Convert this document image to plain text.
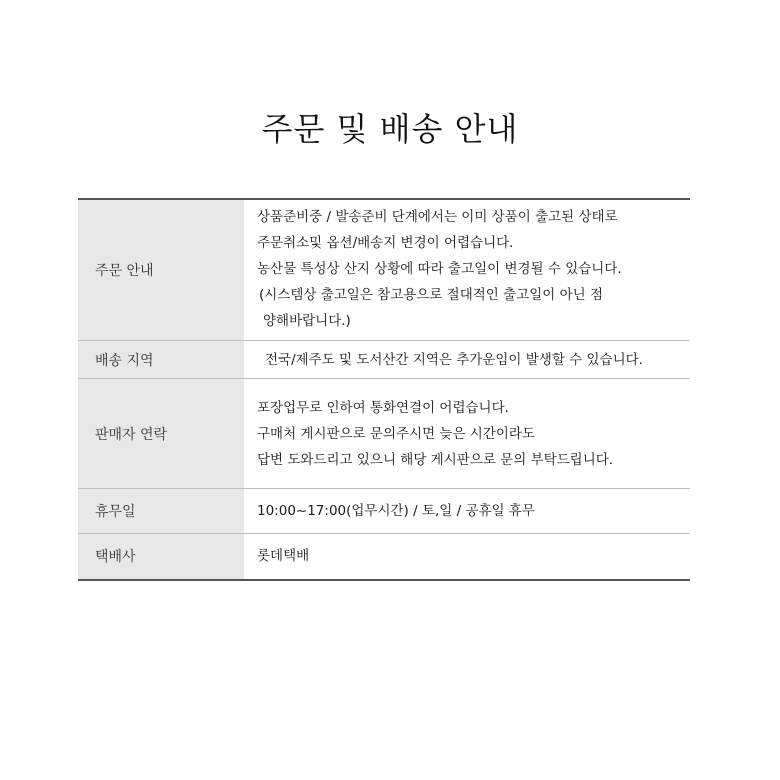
주문 및 배송 안내
주문 안내	상품준비중 / 발송준비 단계에서는 이미 상품이 출고된 상태로
주문취소및 옵션/배송지 변경이 어렵습니다.
농산물 특성상 산지 상황에 따라 출고일이 변경될 수 있습니다.
(시스템상 출고일은 참고용으로 절대적인 출고일이 아닌 점
양해바랍니다.)

배송 지역	전국/제주도 및 도서산간 지역은 추가운임이 발생할 수 있습니다.

판매자 연락	포장업무로 인하여 통화연결이 어렵습니다.
구매처 게시판으로 문의주시면 늦은 시간이라도
답변 도와드리고 있으니 해당 게시판으로 문의 부탁드립니다.

휴무일	10:00~17:00(업무시간) / 토,일 / 공휴일 휴무

택배사	롯데택배
